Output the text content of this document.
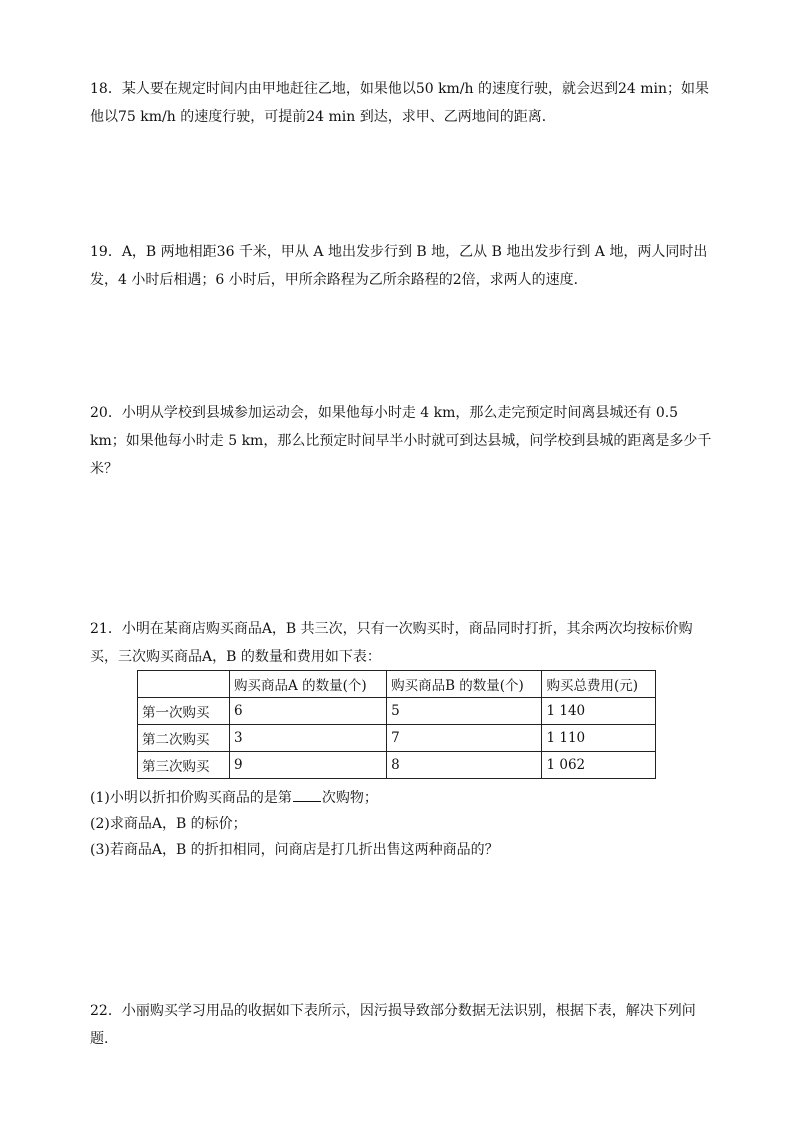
18．某人要在规定时间内由甲地赶往乙地，如果他以50 km/h 的速度行驶，就会迟到24 min；如果他以75 km/h 的速度行驶，可提前24 min 到达，求甲、乙两地间的距离．

19．A，B 两地相距36 千米，甲从 A 地出发步行到 B 地，乙从 B 地出发步行到 A 地，两人同时出发，4 小时后相遇；6 小时后，甲所余路程为乙所余路程的2倍，求两人的速度．

20．小明从学校到县城参加运动会，如果他每小时走 4 km，那么走完预定时间离县城还有 0.5 km；如果他每小时走 5 km，那么比预定时间早半小时就可到达县城，问学校到县城的距离是多少千米？

21．小明在某商店购买商品A，B 共三次，只有一次购买时，商品同时打折，其余两次均按标价购买，三次购买商品A，B 的数量和费用如下表：

	购买商品A 的数量(个)	购买商品B 的数量(个)	购买总费用(元)
第一次购买	6	5	1 140
第二次购买	3	7	1 110
第三次购买	9	8	1 062

(1)小明以折扣价购买商品的是第 次购物；

(2)求商品A，B 的标价；

(3)若商品A，B 的折扣相同，问商店是打几折出售这两种商品的？

22．小丽购买学习用品的收据如下表所示，因污损导致部分数据无法识别，根据下表，解决下列问题.
